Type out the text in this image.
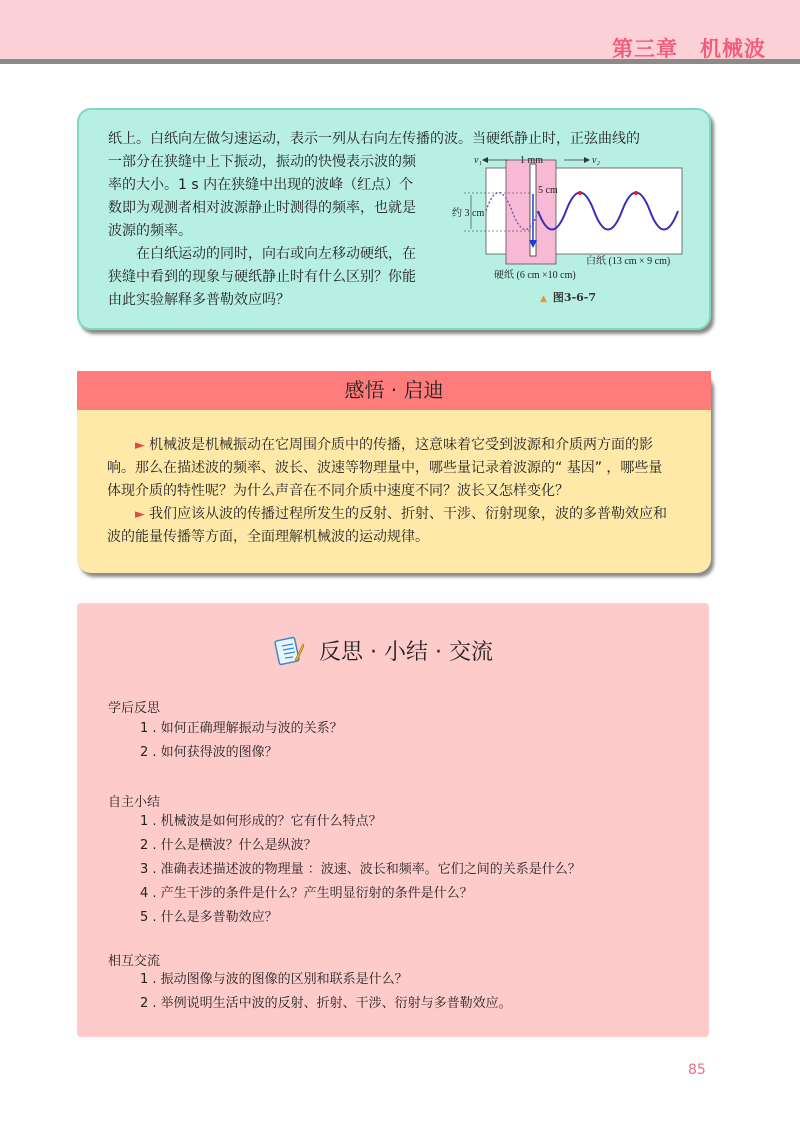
第三章　机械波
纸上。白纸向左做匀速运动，表示一列从右向左传播的波。当硬纸静止时，正弦曲线的
一部分在狭缝中上下振动，振动的快慢表示波的频
率的大小。1 s 内在狭缝中出现的波峰（红点）个
数即为观测者相对波源静止时测得的频率，也就是
波源的频率。
在白纸运动的同时，向右或向左移动硬纸，在
狭缝中看到的现象与硬纸静止时有什么区别？你能
由此实验解释多普勒效应吗？
v₁	v₂
1 mm
5 cm
约 3 cm
白纸 (13 cm × 9 cm)
硬纸 (6 cm ×10 cm)
▲ 图3-6-7
感悟 · 启迪
► 机械波是机械振动在它周围介质中的传播，这意味着它受到波源和介质两方面的影
响。那么在描述波的频率、波长、波速等物理量中，哪些量记录着波源的“ 基因” ，哪些量
体现介质的特性呢？为什么声音在不同介质中速度不同？波长又怎样变化？
► 我们应该从波的传播过程所发生的反射、折射、干涉、衍射现象，波的多普勒效应和
波的能量传播等方面，全面理解机械波的运动规律。
反思 · 小结 · 交流
学后反思
1 . 如何正确理解振动与波的关系？
2 . 如何获得波的图像？
自主小结
1 . 机械波是如何形成的？它有什么特点？
2 . 什么是横波？什么是纵波？
3 . 准确表述描述波的物理量 ：波速、波长和频率。它们之间的关系是什么？
4 . 产生干涉的条件是什么？产生明显衍射的条件是什么？
5 . 什么是多普勒效应？
相互交流
1 . 振动图像与波的图像的区别和联系是什么？
2 . 举例说明生活中波的反射、折射、干涉、衍射与多普勒效应。
85
